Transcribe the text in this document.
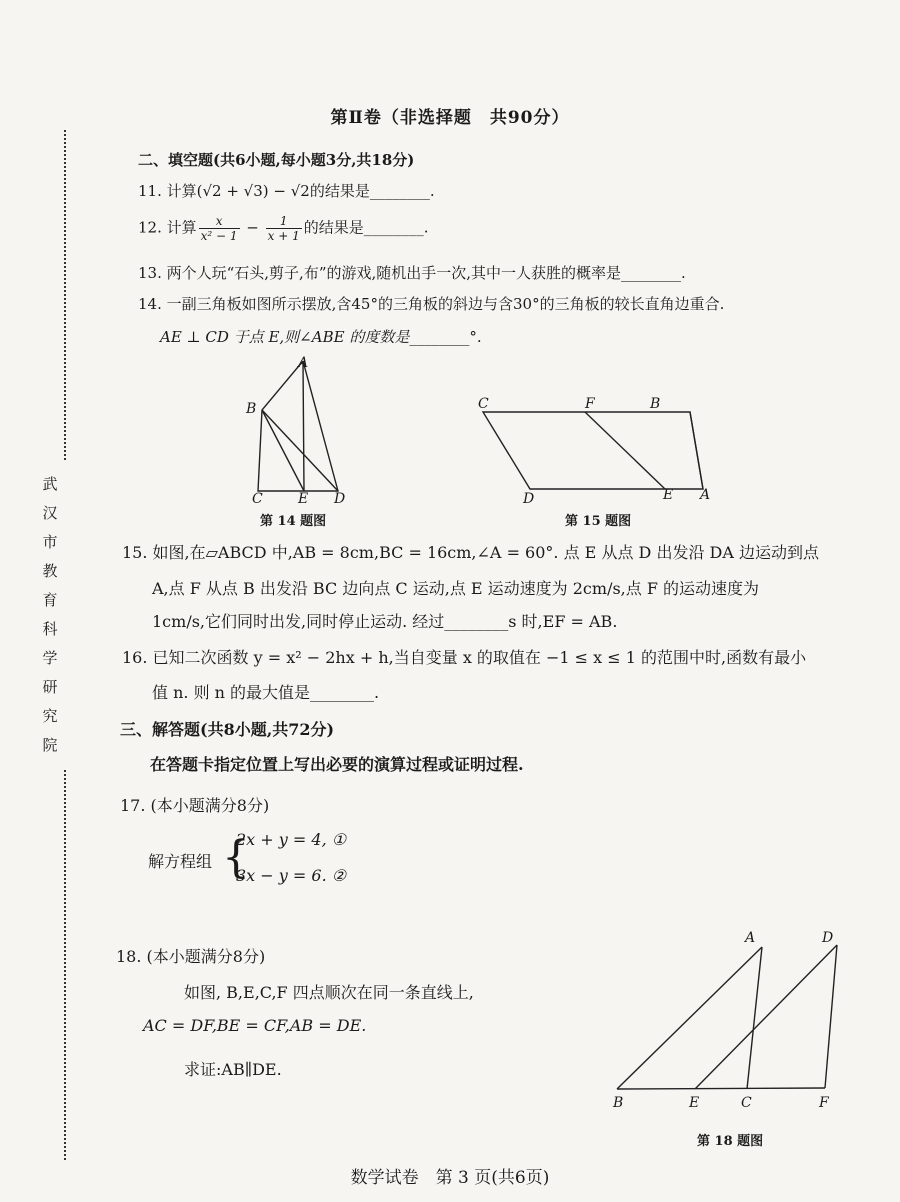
武
汉
市
教
育
科
学
研
究
院
第Ⅱ卷（非选择题　共90分）
二、填空题(共6小题,每小题3分,共18分)
11. 计算(√2 + √3) − √2的结果是________.
12. 计算 $\frac{x}{\text{x² − 1}} - \frac{1}{x + 1}$ 的结果是________.
13. 两个人玩“石头,剪子,布”的游戏,随机出手一次,其中一人获胜的概率是________.
14. 一副三角板如图所示摆放,含45°的三角板的斜边与含30°的三角板的较长直角边重合.
AE ⊥ CD 于点 E,则∠ABE 的度数是________°.
A
B
C	E D
第 14 题图
C	F	B
D	E A
第 15 题图
15. 如图,在▱ABCD 中,AB = 8cm,BC = 16cm,∠A = 60°. 点 E 从点 D 出发沿 DA 边运动到点
A,点 F 从点 B 出发沿 BC 边向点 C 运动,点 E 运动速度为 2cm/s,点 F 的运动速度为
1cm/s,它们同时出发,同时停止运动. 经过________s 时,EF = AB.
16. 已知二次函数 y = x² − 2hx + h,当自变量 x 的取值在 −1 ≤ x ≤ 1 的范围中时,函数有最小
值 n. 则 n 的最大值是________.
三、解答题(共8小题,共72分)
在答题卡指定位置上写出必要的演算过程或证明过程.
17. (本小题满分8分)
解方程组 {
2x + y = 4, ①
3x − y = 6. ②
18. (本小题满分8分)
如图, B,E,C,F 四点顺次在同一条直线上,
AC = DF,BE = CF,AB = DE.
求证:AB∥DE.
A	D
B	E	C	F
第 18 题图
数学试卷　第 3 页(共6页)
